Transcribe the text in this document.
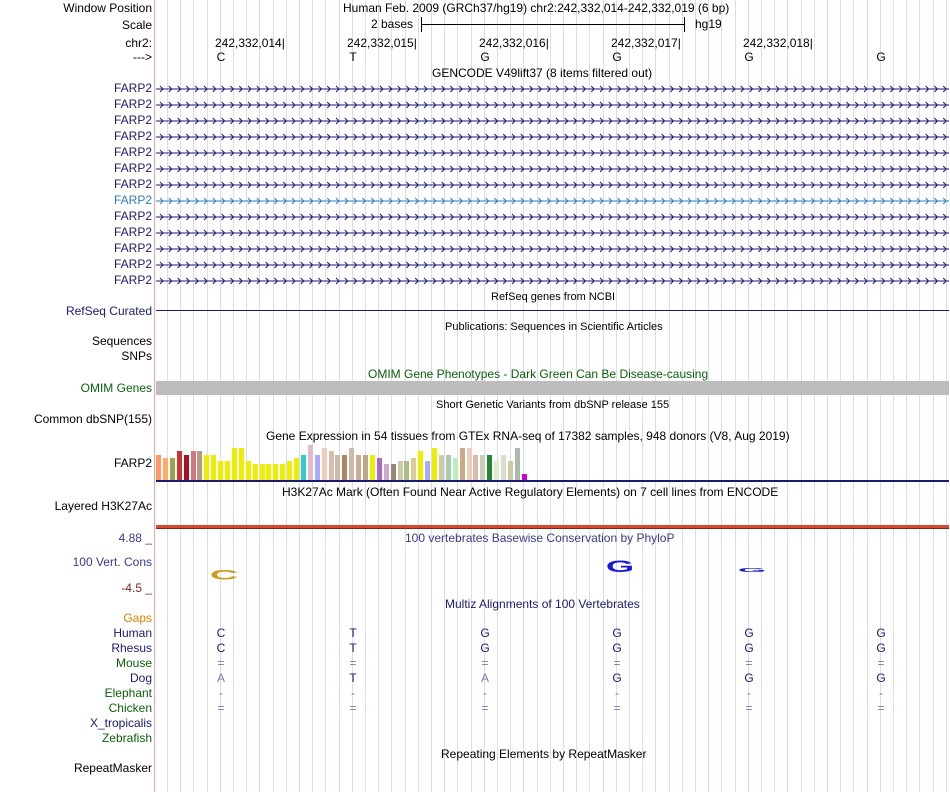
Window Position	Human Feb. 2009 (GRCh37/hg19) chr2:242,332,014-242,332,019 (6 bp)
Scale	2 bases	hg19
chr2:
--->
242,332,014|	242,332,015|	242,332,016|	242,332,017|	242,332,018|
C	T	G	G	G	G
GENCODE V49lift37 (8 items filtered out)
FARP2
FARP2
FARP2
FARP2
FARP2
FARP2
FARP2
FARP2
FARP2
FARP2
FARP2
FARP2
FARP2
RefSeq genes from NCBI
RefSeq Curated
Publications: Sequences in Scientific Articles
Sequences
SNPs
OMIM Gene Phenotypes - Dark Green Can Be Disease-causing
OMIM Genes
Short Genetic Variants from dbSNP release 155
Common dbSNP(155)
Gene Expression in 54 tissues from GTEx RNA-seq of 17382 samples, 948 donors (V8, Aug 2019)
FARP2
H3K27Ac Mark (Often Found Near Active Regulatory Elements) on 7 cell lines from ENCODE
Layered H3K27Ac
100 vertebrates Basewise Conservation by PhyloP
4.88 _
100 Vert. Cons
-4.5 _
C	G	G
Multiz Alignments of 100 Vertebrates
Gaps
Human	C	T	G	G	G	G
Rhesus	C	T	G	G	G	G
Mouse	=	=	=	=	=	=
Dog	A	T	A	G	G	G
Elephant	-	-	-	-	-	-
Chicken	=	=	=	=	=	=
X_tropicalis
Zebrafish
Repeating Elements by RepeatMasker
RepeatMasker
